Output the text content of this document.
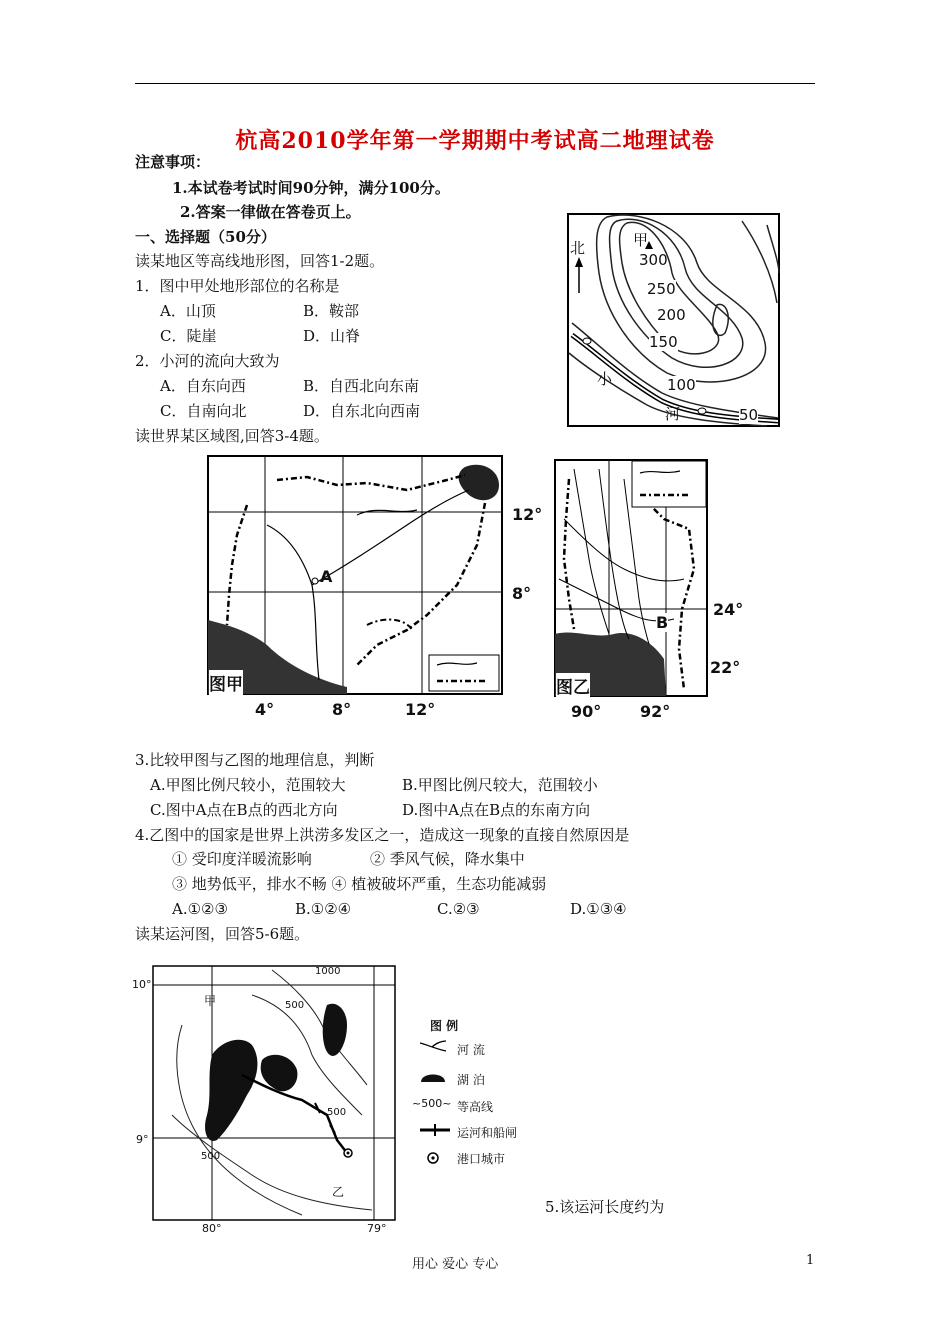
杭高2010学年第一学期期中考试高二地理试卷
注意事项：
1.本试卷考试时间90分钟，满分100分。
2.答案一律做在答卷页上。
一、选择题（50分）
读某地区等高线地形图，回答1-2题。
1．图中甲处地形部位的名称是
A．山顶	B．鞍部
C．陡崖	D．山脊
2．小河的流向大致为
A．自东向西	B．自西北向东南
C．自南向北	D．自东北向西南
读世界某区域图,回答3-4题。
北	甲
300
250
200
150
100
50
小
河
A
图甲
12°
8°
4°	8°	12°
B
图乙
24°
22°
90° 92°
3.比较甲图与乙图的地理信息，判断
A.甲图比例尺较小，范围较大	B.甲图比例尺较大，范围较小
C.图中A点在B点的西北方向	D.图中A点在B点的东南方向
4.乙图中的国家是世界上洪涝多发区之一，造成这一现象的直接自然原因是
① 受印度洋暖流影响	② 季风气候，降水集中
③ 地势低平，排水不畅 ④ 植被破坏严重，生态功能减弱
A.①②③	B.①②④	C.②③	D.①③④
读某运河图，回答5-6题。
甲
乙
1000
500
500
500
10°
9°
80°	79°
图 例
河 流
湖 泊
~500~ 等高线
运河和船闸
港口城市
5.该运河长度约为
用心 爱心 专心	1
